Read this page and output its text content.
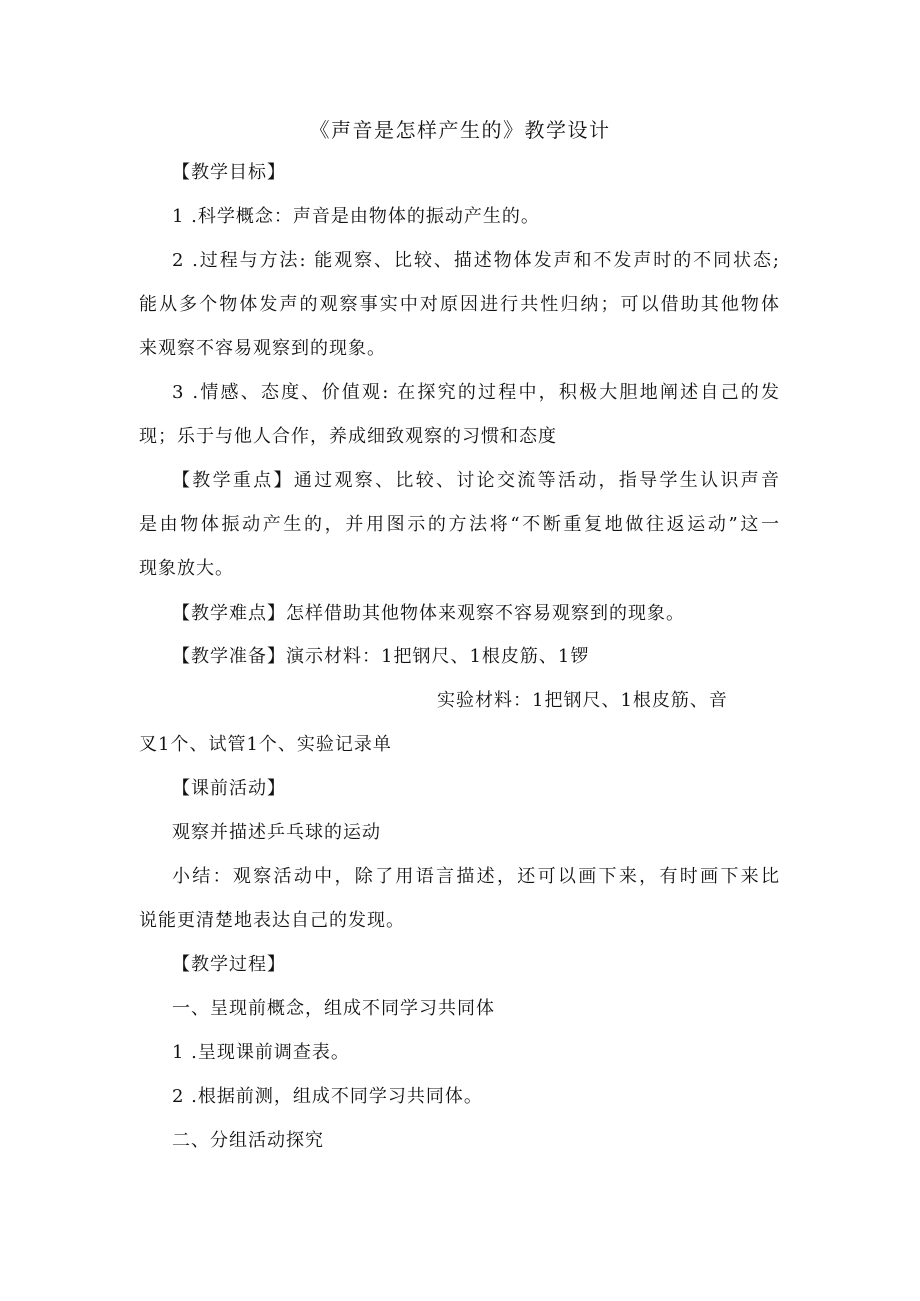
《声音是怎样产生的》教学设计
【教学目标】
1 .科学概念：声音是由物体的振动产生的。
2 .过程与方法: 能观察、比较、描述物体发声和不发声时的不同状态;
能从多个物体发声的观察事实中对原因进行共性归纳；可以借助其他物体
来观察不容易观察到的现象。
3 .情感、态度、价值观: 在探究的过程中，积极大胆地阐述自己的发
现；乐于与他人合作，养成细致观察的习惯和态度
【教学重点】通过观察、比较、讨论交流等活动，指导学生认识声音
是由物体振动产生的，并用图示的方法将“不断重复地做往返运动”这一
现象放大。
【教学难点】怎样借助其他物体来观察不容易观察到的现象。
【教学准备】演示材料：1把钢尺、1根皮筋、1锣
实验材料：1把钢尺、1根皮筋、音
叉1个、试管1个、实验记录单
【课前活动】
观察并描述乒乓球的运动
小结：观察活动中，除了用语言描述，还可以画下来，有时画下来比
说能更清楚地表达自己的发现。
【教学过程】
一、呈现前概念，组成不同学习共同体
1 .呈现课前调查表。
2 .根据前测，组成不同学习共同体。
二、分组活动探究
